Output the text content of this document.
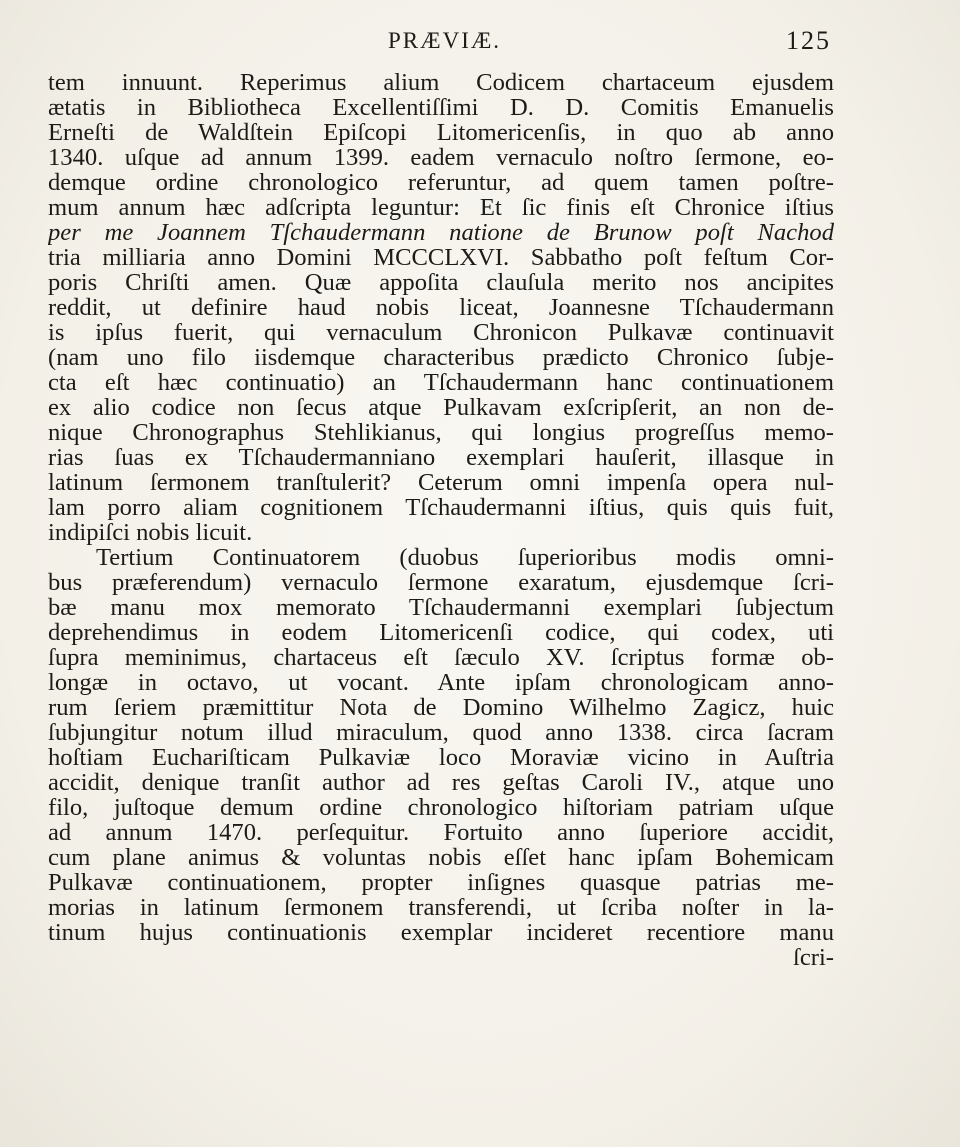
PRÆVIÆ.	125
tem innuunt. Reperimus alium Codicem chartaceum ejusdem
ætatis in Bibliotheca Excellentiſſimi D. D. Comitis Emanuelis
Erneſti de Waldſtein Epiſcopi Litomericenſis, in quo ab anno
1340. uſque ad annum 1399. eadem vernaculo noſtro ſermone, eo-
demque ordine chronologico referuntur, ad quem tamen poſtre-
mum annum hæc adſcripta leguntur: Et ſic finis eſt Chronice iſtius
per me Joannem Tſchaudermann natione de Brunow poſt Nachod
tria milliaria anno Domini MCCCLXVI. Sabbatho poſt feſtum Cor-
poris Chriſti amen. Quæ appoſita clauſula merito nos ancipites
reddit, ut definire haud nobis liceat, Joannesne Tſchaudermann
is ipſus fuerit, qui vernaculum Chronicon Pulkavæ continuavit
(nam uno filo iisdemque characteribus prædicto Chronico ſubje-
cta eſt hæc continuatio) an Tſchaudermann hanc continuationem
ex alio codice non ſecus atque Pulkavam exſcripſerit, an non de-
nique Chronographus Stehlikianus, qui longius progreſſus memo-
rias ſuas ex Tſchaudermanniano exemplari hauſerit, illasque in
latinum ſermonem tranſtulerit? Ceterum omni impenſa opera nul-
lam porro aliam cognitionem Tſchaudermanni iſtius, quis quis fuit,
indipiſci nobis licuit.
Tertium Continuatorem (duobus ſuperioribus modis omni-
bus præferendum) vernaculo ſermone exaratum, ejusdemque ſcri-
bæ manu mox memorato Tſchaudermanni exemplari ſubjectum
deprehendimus in eodem Litomericenſi codice, qui codex, uti
ſupra meminimus, chartaceus eſt ſæculo XV. ſcriptus formæ ob-
longæ in octavo, ut vocant. Ante ipſam chronologicam anno-
rum ſeriem præmittitur Nota de Domino Wilhelmo Zagicz, huic
ſubjungitur notum illud miraculum, quod anno 1338. circa ſacram
hoſtiam Euchariſticam Pulkaviæ loco Moraviæ vicino in Auſtria
accidit, denique tranſit author ad res geſtas Caroli IV., atque uno
filo, juſtoque demum ordine chronologico hiſtoriam patriam uſque
ad annum 1470. perſequitur. Fortuito anno ſuperiore accidit,
cum plane animus & voluntas nobis eſſet hanc ipſam Bohemicam
Pulkavæ continuationem, propter inſignes quasque patrias me-
morias in latinum ſermonem transferendi, ut ſcriba noſter in la-
tinum hujus continuationis exemplar incideret recentiore manu
ſcri-
